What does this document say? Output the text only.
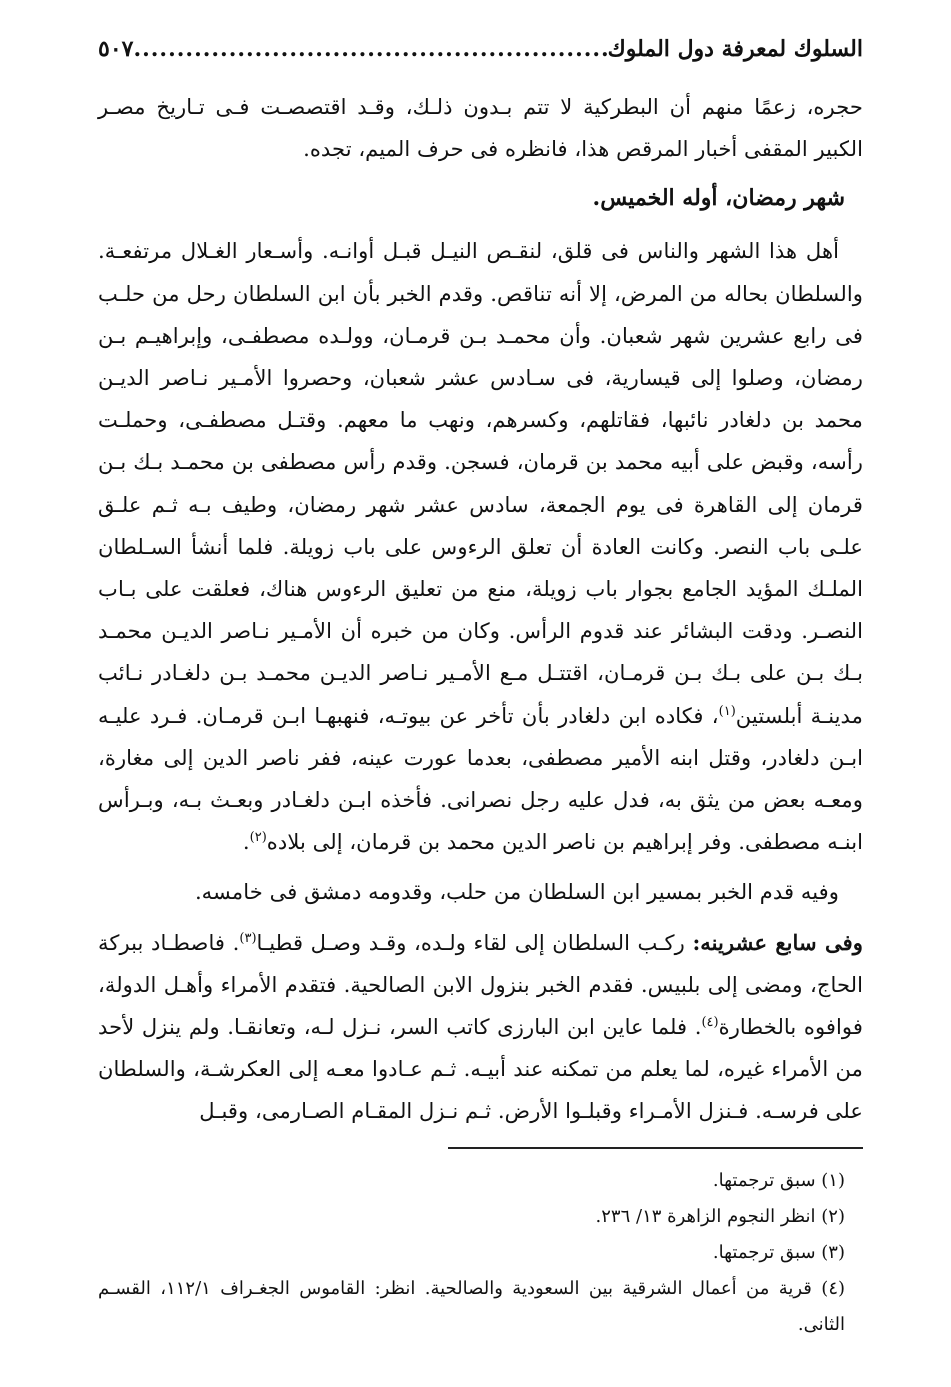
السلوك لمعرفة دول الملوك
.....
٥٠٧

حجره، زعمًا منهم أن البطركية لا تتم بـدون ذلـك، وقـد اقتصصـت فـى تـاريخ مصـر الكبير المقفى أخبار المرقص هذا، فانظره فى حرف الميم، تجده.

شهر رمضان، أوله الخميس.

أهل هذا الشهر والناس فى قلق، لنقـص النيـل قبـل أوانـه. وأسـعار الغـلال مرتفعـة. والسلطان بحاله من المرض، إلا أنه تناقص. وقدم الخبر بأن ابن السلطان رحل من حلـب فى رابع عشرين شهر شعبان. وأن محمـد بـن قرمـان، وولـده مصطفـى، وإبراهيـم بـن رمضان، وصلوا إلى قيسارية، فى سـادس عشر شعبان، وحصروا الأمـير نـاصر الديـن محمد بن دلغادر نائبها، فقاتلهم، وكسرهم، ونهب ما معهم. وقتـل مصطفـى، وحملـت رأسه، وقبض على أبيه محمد بن قرمان، فسجن. وقدم رأس مصطفى بن محمـد بـك بـن قرمان إلى القاهرة فى يوم الجمعة، سادس عشر شهر رمضان، وطيف بـه ثـم علـق علـى باب النصر. وكانت العادة أن تعلق الرءوس على باب زويلة. فلما أنشأ السـلطان الملـك المؤيد الجامع بجوار باب زويلة، منع من تعليق الرءوس هناك، فعلقت على بـاب النصـر. ودقت البشائر عند قدوم الرأس. وكان من خبره أن الأمـير نـاصر الديـن محمـد بـك بـن على بـك بـن قرمـان، اقتتـل مـع الأمـير نـاصر الديـن محمـد بـن دلغـادر نـائب مدينـة أبلستين$^{(١)}$، فكاده ابن دلغادر بأن تأخر عن بيوتـه، فنهبهـا ابـن قرمـان. فـرد عليـه ابـن دلغادر، وقتل ابنه الأمير مصطفى، بعدما عورت عينه، ففر ناصر الدين إلى مغارة، ومعـه بعض من يثق به، فدل عليه رجل نصرانى. فأخذه ابـن دلغـادر وبعـث بـه، وبـرأس ابنـه مصطفى. وفر إبراهيم بن ناصر الدين محمد بن قرمان، إلى بلاده$^{(٢)}$.

وفيه قدم الخبر بمسير ابن السلطان من حلب، وقدومه دمشق فى خامسه.

وفى سابع عشرينه: ركـب السلطان إلى لقاء ولـده، وقـد وصـل قطيـا$^{(٣)}$. فاصطـاد ببركة الحاج، ومضى إلى بلبيس. فقدم الخبر بنزول الابن الصالحية. فتقدم الأمراء وأهـل الدولة، فوافوه بالخطارة$^{(٤)}$. فلما عاين ابن البارزى كاتب السر، نـزل لـه، وتعانقـا. ولم ينزل لأحد من الأمراء غيره، لما يعلم من تمكنه عند أبيـه. ثـم عـادوا معـه إلى العكرشـة، والسلطان على فرسـه. فـنزل الأمـراء وقبلـوا الأرض. ثـم نـزل المقـام الصـارمى، وقبـل

(١) سبق ترجمتها.

(٢) انظر النجوم الزاهرة ١٣/ ٢٣٦.

(٣) سبق ترجمتها.

(٤) قرية من أعمال الشرقية بين السعودية والصالحية. انظر: القاموس الجغـراف ١١٢/١، القسـم الثانى.
